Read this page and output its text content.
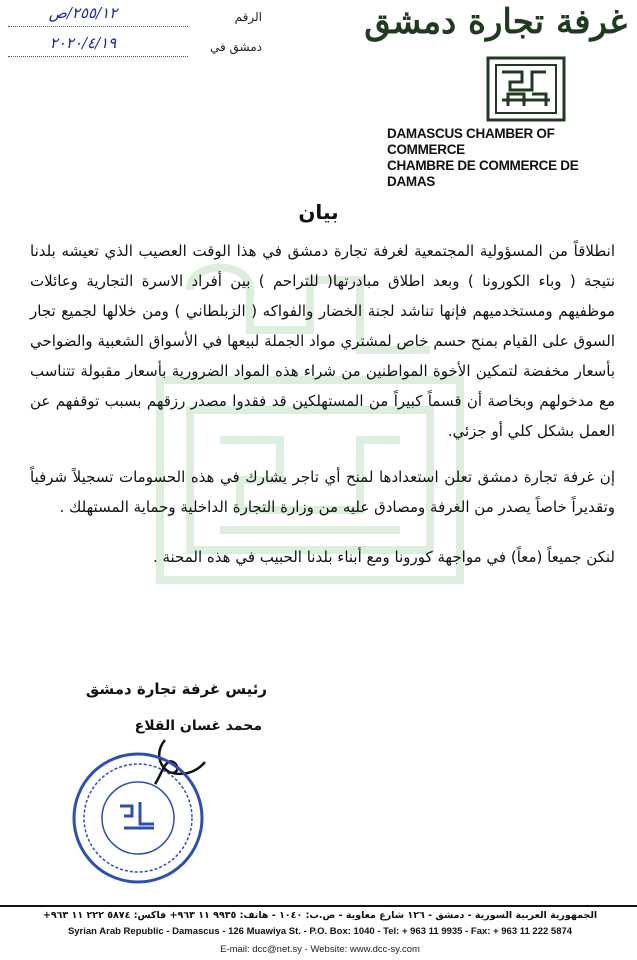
٢٥٥/١٢/ص	الرقم
٢٠٢٠/٤/١٩	دمشق في
غرفة تجارة دمشق
DAMASCUS CHAMBER OF COMMERCE
CHAMBRE DE COMMERCE DE DAMAS
بيان

انطلاقاً من المسؤولية المجتمعية لغرفة تجارة دمشق في هذا الوقت العصيب الذي تعيشه بلدنا نتيجة ( وباء الكورونا ) وبعد اطلاق مبادرتها( للتراحم ) بين أفراد الاسرة التجارية وعائلات موظفيهم ومستخدميهم فإنها تناشد لجنة الخضار والفواكه ( الزبلطاني ) ومن خلالها لجميع تجار السوق على القيام بمنح حسم خاص لمشتري مواد الجملة لبيعها في الأسواق الشعبية والضواحي بأسعار مخفضة لتمكين الأخوة المواطنين من شراء هذه المواد الضرورية بأسعار مقبولة تتناسب مع مدخولهم وبخاصة أن قسماً كبيراً من المستهلكين قد فقدوا مصدر رزقهم بسبب توقفهم عن العمل بشكل كلي أو جزئي.

إن غرفة تجارة دمشق تعلن استعدادها لمنح أي تاجر يشارك في هذه الحسومات تسجيلاً شرفياً وتقديراً خاصاً يصدر من الغرفة ومصادق عليه من وزارة التجارة الداخلية وحماية المستهلك .

لنكن جميعاً (معاً) في مواجهة كورونا ومع أبناء بلدنا الحبيب في هذه المحنة .

رئيس غرفة تجارة دمشق
محمد غسان القلاع
الجمهورية العربية السورية - دمشق - ١٢٦ شارع معاوية - ص.ب: ١٠٤٠ - هاتف: ٩٩٣٥ ١١ ٩٦٣+ فاكس: ٥٨٧٤ ٢٢٢ ١١ ٩٦٣+
Syrian Arab Republic - Damascus - 126 Muawiya St. - P.O. Box: 1040 - Tel: + 963 11 9935 - Fax: + 963 11 222 5874
E-mail: dcc@net.sy - Website: www.dcc-sy.com
